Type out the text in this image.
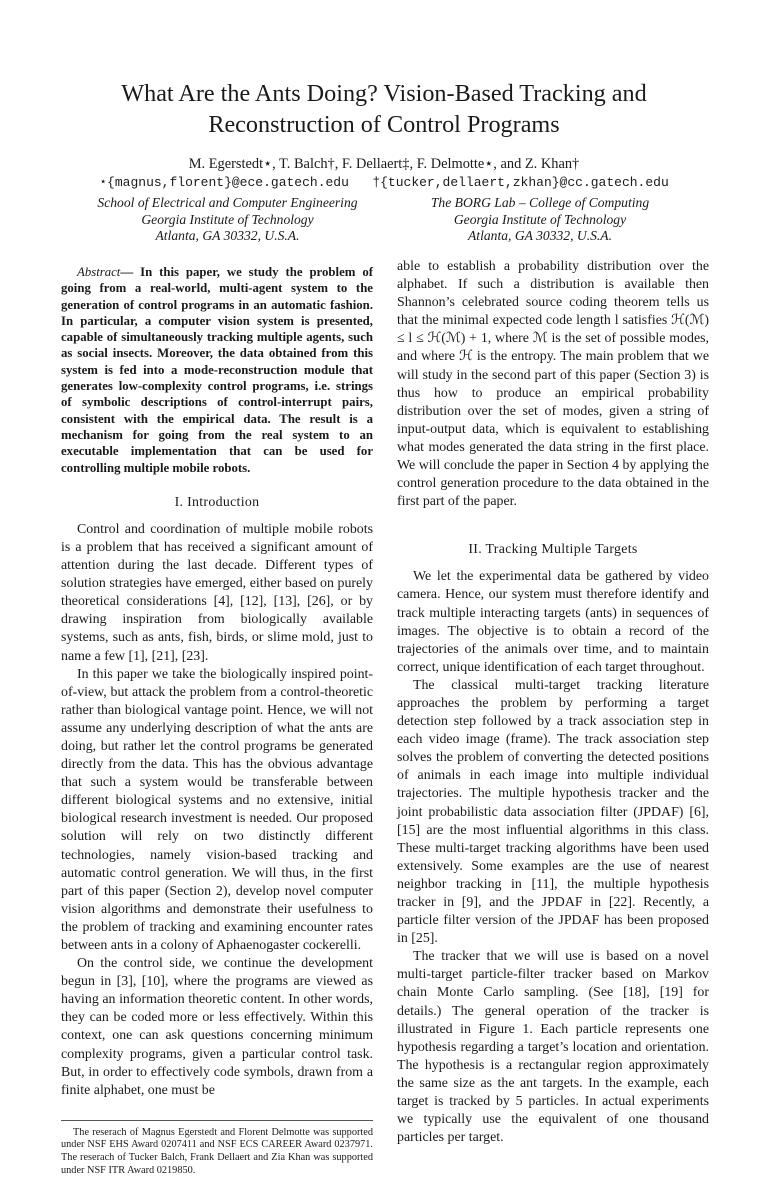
What Are the Ants Doing? Vision-Based Tracking and Reconstruction of Control Programs
M. Egerstedt⋆, T. Balch†, F. Dellaert‡, F. Delmotte⋆, and Z. Khan†
⋆{magnus,florent}@ece.gatech.edu †{tucker,dellaert,zkhan}@cc.gatech.edu
School of Electrical and Computer Engineering
Georgia Institute of Technology
Atlanta, GA 30332, U.S.A.
The BORG Lab – College of Computing
Georgia Institute of Technology
Atlanta, GA 30332, U.S.A.

Abstract— In this paper, we study the problem of going from a real-world, multi-agent system to the generation of control programs in an automatic fashion. In particular, a computer vision system is presented, capable of simultaneously tracking multiple agents, such as social insects. Moreover, the data obtained from this system is fed into a mode-reconstruction module that generates low-complexity control programs, i.e. strings of symbolic descriptions of control-interrupt pairs, consistent with the empirical data. The result is a mechanism for going from the real system to an executable implementation that can be used for controlling multiple mobile robots.

I. Introduction

Control and coordination of multiple mobile robots is a problem that has received a significant amount of attention during the last decade. Different types of solution strategies have emerged, either based on purely theoretical considerations [4], [12], [13], [26], or by drawing inspiration from biologically available systems, such as ants, fish, birds, or slime mold, just to name a few [1], [21], [23].

In this paper we take the biologically inspired point-of-view, but attack the problem from a control-theoretic rather than biological vantage point. Hence, we will not assume any underlying description of what the ants are doing, but rather let the control programs be generated directly from the data. This has the obvious advantage that such a system would be transferable between different biological systems and no extensive, initial biological research investment is needed. Our proposed solution will rely on two distinctly different technologies, namely vision-based tracking and automatic control generation. We will thus, in the first part of this paper (Section 2), develop novel computer vision algorithms and demonstrate their usefulness to the problem of tracking and examining encounter rates between ants in a colony of Aphaenogaster cockerelli.

On the control side, we continue the development begun in [3], [10], where the programs are viewed as having an information theoretic content. In other words, they can be coded more or less effectively. Within this context, one can ask questions concerning minimum complexity programs, given a particular control task. But, in order to effectively code symbols, drawn from a finite alphabet, one must be

The reserach of Magnus Egerstedt and Florent Delmotte was supported under NSF EHS Award 0207411 and NSF ECS CAREER Award 0237971. The reserach of Tucker Balch, Frank Dellaert and Zia Khan was supported under NSF ITR Award 0219850.

able to establish a probability distribution over the alphabet. If such a distribution is available then Shannon’s celebrated source coding theorem tells us that the minimal expected code length l satisfies ℋ(ℳ) ≤ l ≤ ℋ(ℳ) + 1, where ℳ is the set of possible modes, and where ℋ is the entropy. The main problem that we will study in the second part of this paper (Section 3) is thus how to produce an empirical probability distribution over the set of modes, given a string of input-output data, which is equivalent to establishing what modes generated the data string in the first place. We will conclude the paper in Section 4 by applying the control generation procedure to the data obtained in the first part of the paper.

II. Tracking Multiple Targets

We let the experimental data be gathered by video camera. Hence, our system must therefore identify and track multiple interacting targets (ants) in sequences of images. The objective is to obtain a record of the trajectories of the animals over time, and to maintain correct, unique identification of each target throughout.

The classical multi-target tracking literature approaches the problem by performing a target detection step followed by a track association step in each video image (frame). The track association step solves the problem of converting the detected positions of animals in each image into multiple individual trajectories. The multiple hypothesis tracker and the joint probabilistic data association filter (JPDAF) [6], [15] are the most influential algorithms in this class. These multi-target tracking algorithms have been used extensively. Some examples are the use of nearest neighbor tracking in [11], the multiple hypothesis tracker in [9], and the JPDAF in [22]. Recently, a particle filter version of the JPDAF has been proposed in [25].

The tracker that we will use is based on a novel multi-target particle-filter tracker based on Markov chain Monte Carlo sampling. (See [18], [19] for details.) The general operation of the tracker is illustrated in Figure 1. Each particle represents one hypothesis regarding a target’s location and orientation. The hypothesis is a rectangular region approximately the same size as the ant targets. In the example, each target is tracked by 5 particles. In actual experiments we typically use the equivalent of one thousand particles per target.
